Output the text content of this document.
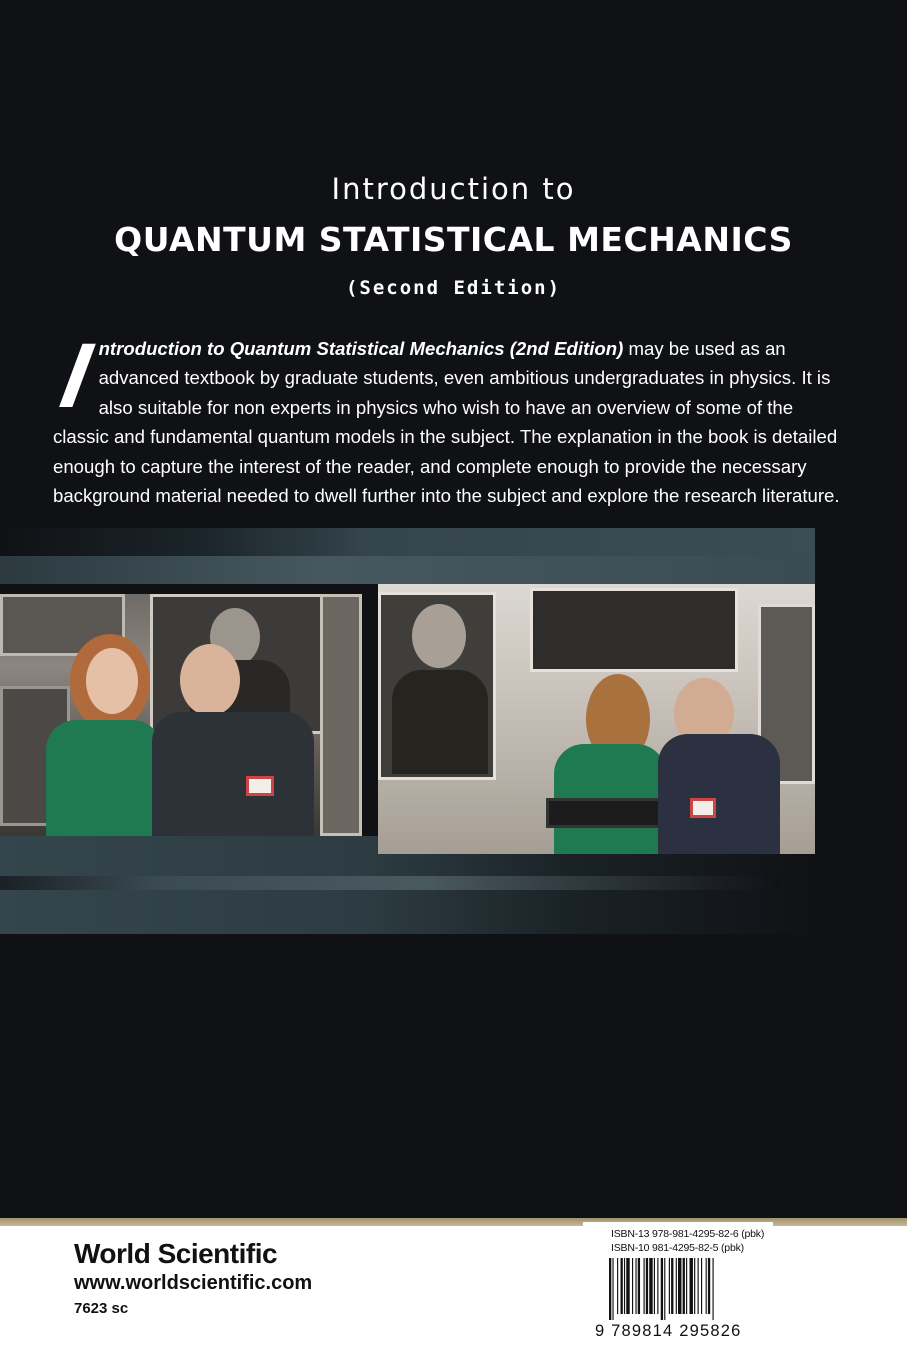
Introduction to
QUANTUM STATISTICAL MECHANICS
(Second Edition)
Introduction to Quantum Statistical Mechanics (2nd Edition) may be used as an advanced textbook by graduate students, even ambitious undergraduates in physics. It is also suitable for non experts in physics who wish to have an overview of some of the classic and fundamental quantum models in the subject. The explanation in the book is detailed enough to capture the interest of the reader, and complete enough to provide the necessary background material needed to dwell further into the subject and explore the research literature.
World Scientific
www.worldscientific.com
7623 sc
ISBN-13 978-981-4295-82-6 (pbk)
ISBN-10 981-4295-82-5 (pbk)
9 789814 295826
